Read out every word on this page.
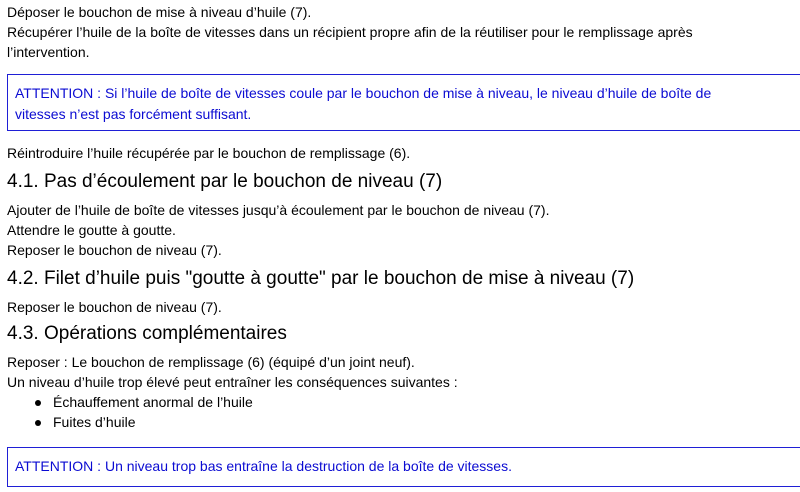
Déposer le bouchon de mise à niveau d’huile (7).

Récupérer l’huile de la boîte de vitesses dans un récipient propre afin de la réutiliser pour le remplissage après

l’intervention.

ATTENTION : Si l’huile de boîte de vitesses coule par le bouchon de mise à niveau, le niveau d’huile de boîte de
vitesses n’est pas forcément suffisant.

Réintroduire l’huile récupérée par le bouchon de remplissage (6).

4.1. Pas d’écoulement par le bouchon de niveau (7)

Ajouter de l’huile de boîte de vitesses jusqu’à écoulement par le bouchon de niveau (7).

Attendre le goutte à goutte.

Reposer le bouchon de niveau (7).

4.2. Filet d’huile puis "goutte à goutte" par le bouchon de mise à niveau (7)

Reposer le bouchon de niveau (7).

4.3. Opérations complémentaires

Reposer : Le bouchon de remplissage (6) (équipé d’un joint neuf).

Un niveau d’huile trop élevé peut entraîner les conséquences suivantes :

Échauffement anormal de l’huile
Fuites d’huile
ATTENTION : Un niveau trop bas entraîne la destruction de la boîte de vitesses.
